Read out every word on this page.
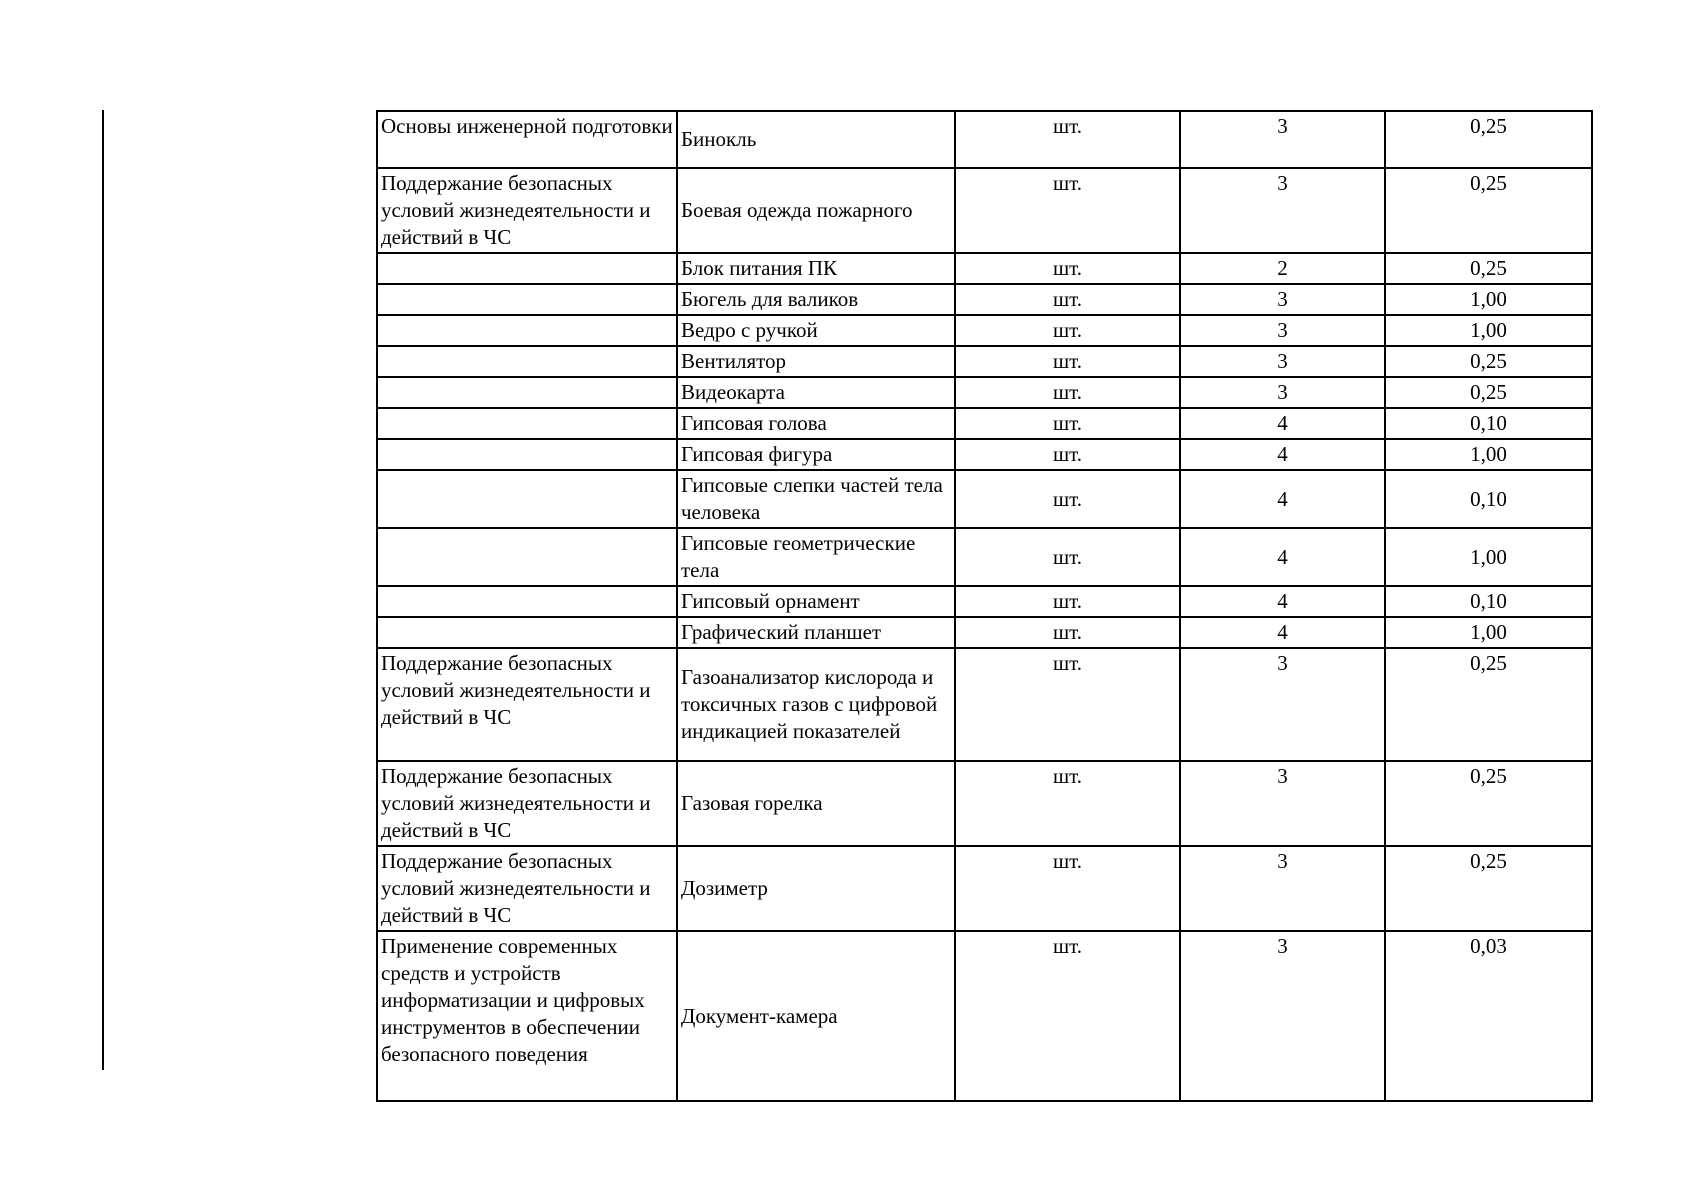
Основы инженерной подготовки	Бинокль	шт.	3	0,25
Поддержание безопасных условий жизнедеятельности и действий в ЧС	Боевая одежда пожарного	шт.	3	0,25
	Блок питания ПК	шт.	2	0,25
	Бюгель для валиков	шт.	3	1,00
	Ведро с ручкой	шт.	3	1,00
	Вентилятор	шт.	3	0,25
	Видеокарта	шт.	3	0,25
	Гипсовая голова	шт.	4	0,10
	Гипсовая фигура	шт.	4	1,00
	Гипсовые слепки частей тела человека	шт.	4	0,10
	Гипсовые геометрические тела	шт.	4	1,00
	Гипсовый орнамент	шт.	4	0,10
	Графический планшет	шт.	4	1,00
Поддержание безопасных условий жизнедеятельности и действий в ЧС	Газоанализатор кислорода и токсичных газов с цифровой индикацией показателей	шт.	3	0,25
Поддержание безопасных условий жизнедеятельности и действий в ЧС	Газовая горелка	шт.	3	0,25
Поддержание безопасных условий жизнедеятельности и действий в ЧС	Дозиметр	шт.	3	0,25
Применение современных средств и устройств информатизации и цифровых инструментов в обеспечении безопасного поведения	Документ-камера	шт.	3	0,03
